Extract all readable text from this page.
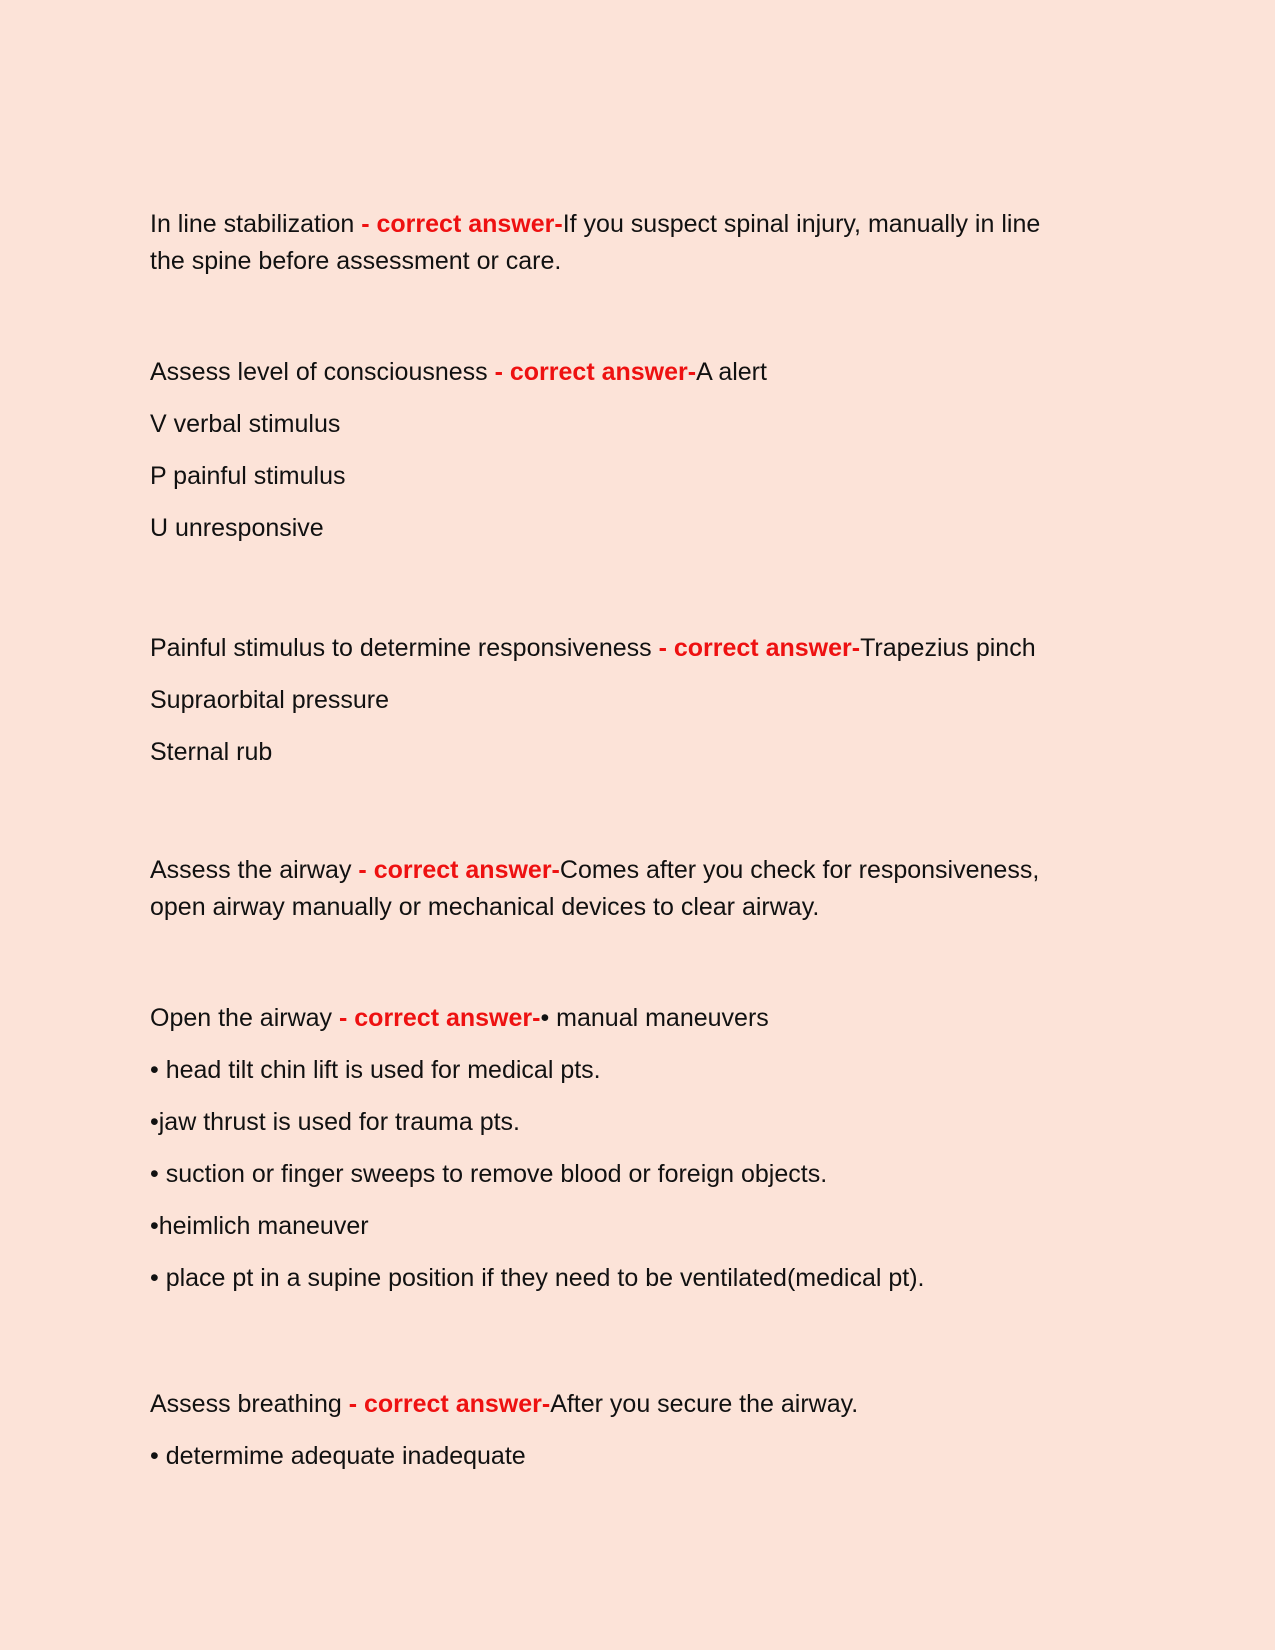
In line stabilization - correct answer-If you suspect spinal injury, manually in line
the spine before assessment or care.
Assess level of consciousness - correct answer-A alert
V verbal stimulus
P painful stimulus
U unresponsive
Painful stimulus to determine responsiveness - correct answer-Trapezius pinch
Supraorbital pressure
Sternal rub
Assess the airway - correct answer-Comes after you check for responsiveness,
open airway manually or mechanical devices to clear airway.
Open the airway - correct answer-• manual maneuvers
• head tilt chin lift is used for medical pts.
•jaw thrust is used for trauma pts.
• suction or finger sweeps to remove blood or foreign objects.
•heimlich maneuver
• place pt in a supine position if they need to be ventilated(medical pt).
Assess breathing - correct answer-After you secure the airway.
• determime adequate inadequate
